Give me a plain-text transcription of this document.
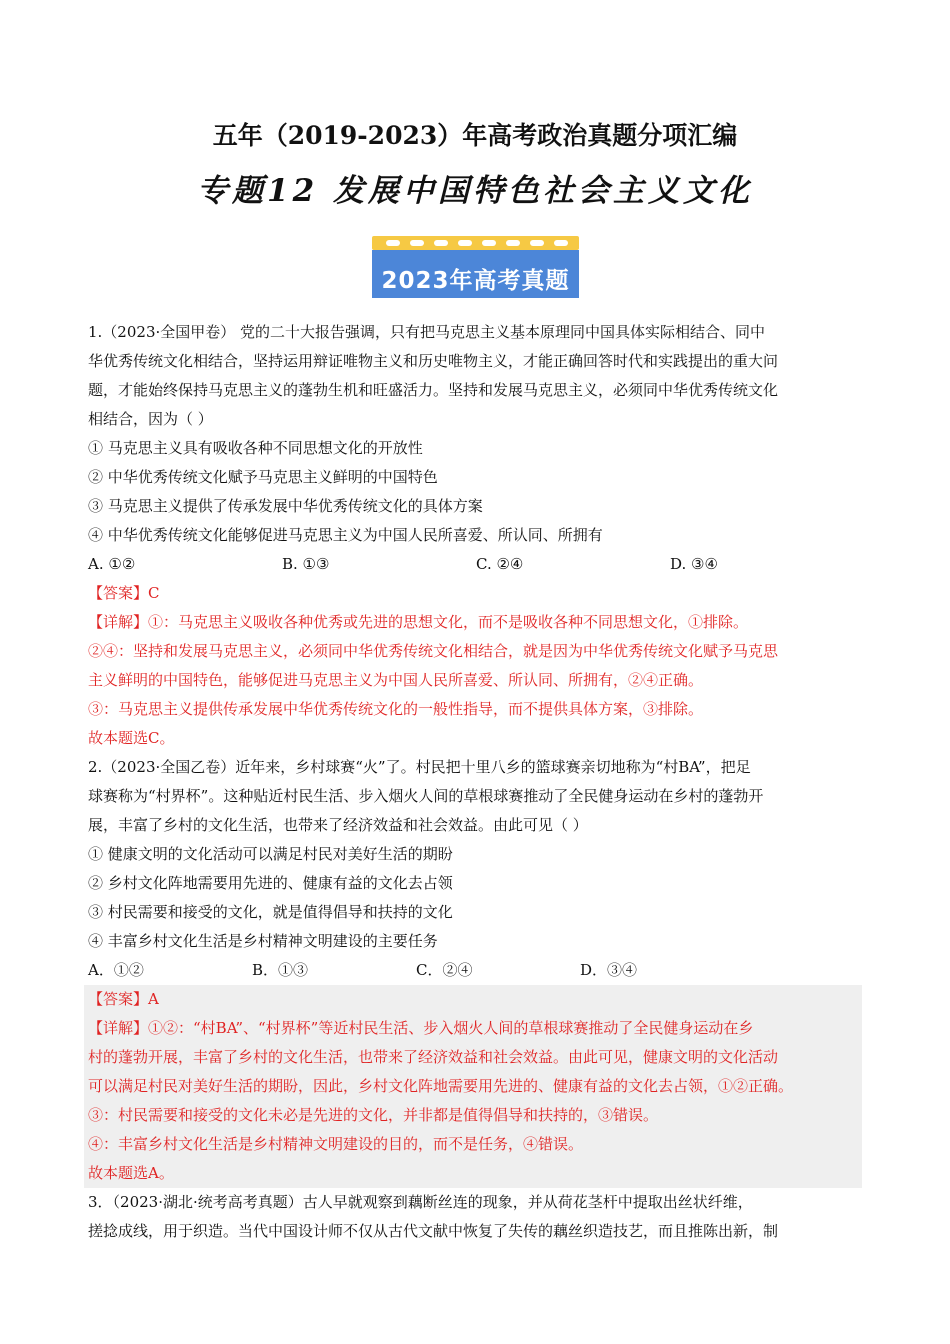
五年（2019-2023）年高考政治真题分项汇编
专题12 发展中国特色社会主义文化
2023年高考真题
1.（2023·全国甲卷） 党的二十大报告强调，只有把马克思主义基本原理同中国具体实际相结合、同中
华优秀传统文化相结合，坚持运用辩证唯物主义和历史唯物主义，才能正确回答时代和实践提出的重大问
题，才能始终保持马克思主义的蓬勃生机和旺盛活力。坚持和发展马克思主义，必须同中华优秀传统文化
相结合，因为（ ）
① 马克思主义具有吸收各种不同思想文化的开放性
② 中华优秀传统文化赋予马克思主义鲜明的中国特色
③ 马克思主义提供了传承发展中华优秀传统文化的具体方案
④ 中华优秀传统文化能够促进马克思主义为中国人民所喜爱、所认同、所拥有
A. ①②	B. ①③	C. ②④	D. ③④
【答案】C
【详解】①：马克思主义吸收各种优秀或先进的思想文化，而不是吸收各种不同思想文化，①排除。
②④：坚持和发展马克思主义，必须同中华优秀传统文化相结合，就是因为中华优秀传统文化赋予马克思
主义鲜明的中国特色，能够促进马克思主义为中国人民所喜爱、所认同、所拥有，②④正确。
③：马克思主义提供传承发展中华优秀传统文化的一般性指导，而不提供具体方案，③排除。
故本题选C。
2.（2023·全国乙卷）近年来，乡村球赛“火”了。村民把十里八乡的篮球赛亲切地称为“村BA”，把足
球赛称为“村界杯”。这种贴近村民生活、步入烟火人间的草根球赛推动了全民健身运动在乡村的蓬勃开
展，丰富了乡村的文化生活，也带来了经济效益和社会效益。由此可见（ ）
① 健康文明的文化活动可以满足村民对美好生活的期盼
② 乡村文化阵地需要用先进的、健康有益的文化去占领
③ 村民需要和接受的文化，就是值得倡导和扶持的文化
④ 丰富乡村文化生活是乡村精神文明建设的主要任务
A．①②	B．①③	C．②④	D．③④
【答案】A
【详解】①②：“村BA”、“村界杯”等近村民生活、步入烟火人间的草根球赛推动了全民健身运动在乡
村的蓬勃开展，丰富了乡村的文化生活，也带来了经济效益和社会效益。由此可见，健康文明的文化活动
可以满足村民对美好生活的期盼，因此，乡村文化阵地需要用先进的、健康有益的文化去占领，①②正确。
③：村民需要和接受的文化未必是先进的文化，并非都是值得倡导和扶持的，③错误。
④：丰富乡村文化生活是乡村精神文明建设的目的，而不是任务，④错误。
故本题选A。
3．（2023·湖北·统考高考真题）古人早就观察到藕断丝连的现象，并从荷花茎杆中提取出丝状纤维，
搓捻成线，用于织造。当代中国设计师不仅从古代文献中恢复了失传的藕丝织造技艺，而且推陈出新，制
